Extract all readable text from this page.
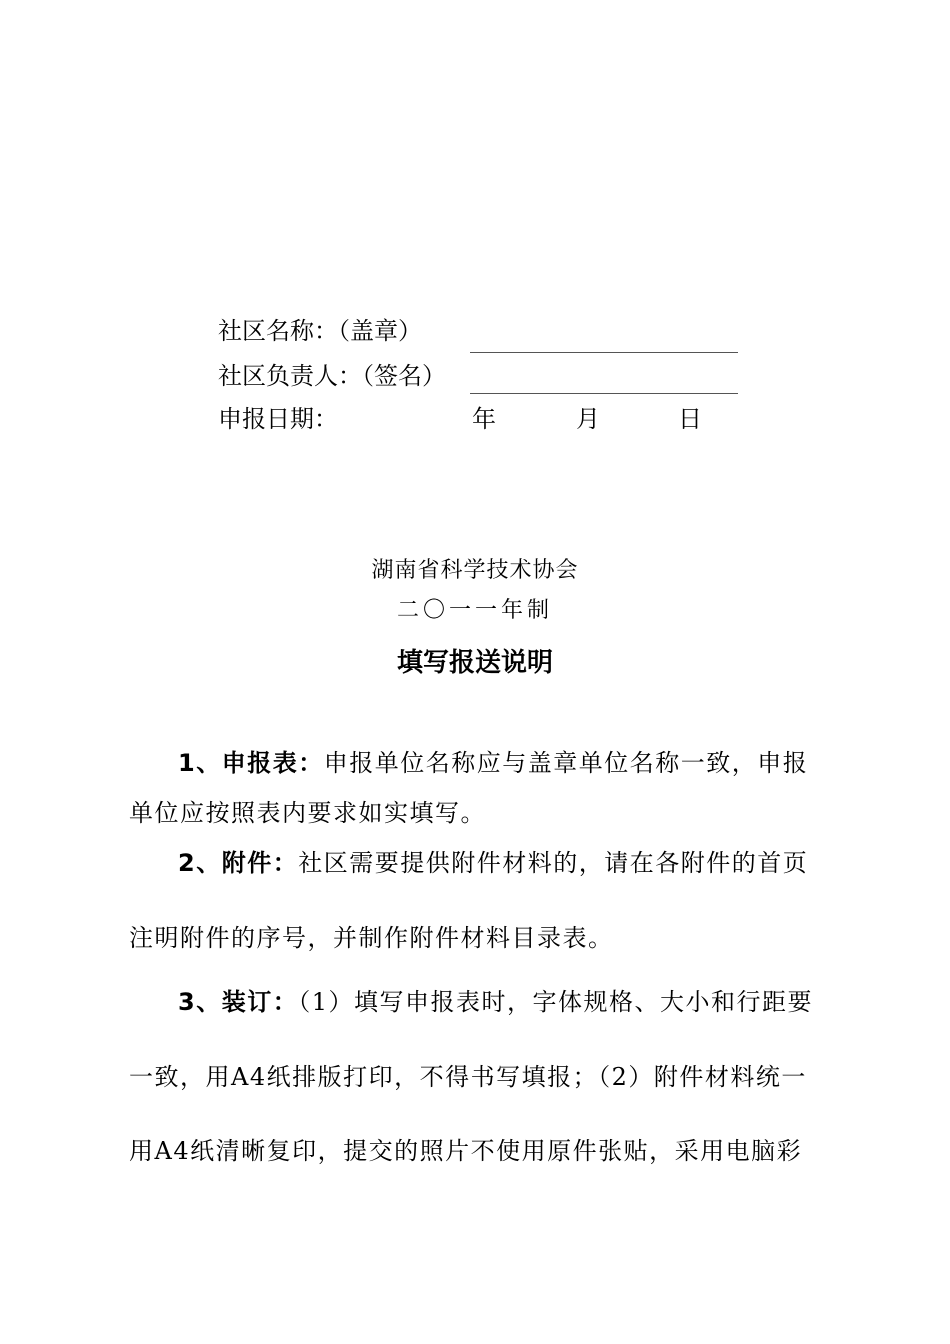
社区名称：（盖章）
社区负责人：（签名）
申报日期：	年	月	日
湖南省科学技术协会
二〇一一年制
填写报送说明
1、申报表：申报单位名称应与盖章单位名称一致，申报
单位应按照表内要求如实填写。
2、附件：社区需要提供附件材料的，请在各附件的首页
注明附件的序号，并制作附件材料目录表。
3、装订：（1）填写申报表时，字体规格、大小和行距要
一致，用A4纸排版打印，不得书写填报；（2）附件材料统一
用A4纸清晰复印，提交的照片不使用原件张贴，采用电脑彩
